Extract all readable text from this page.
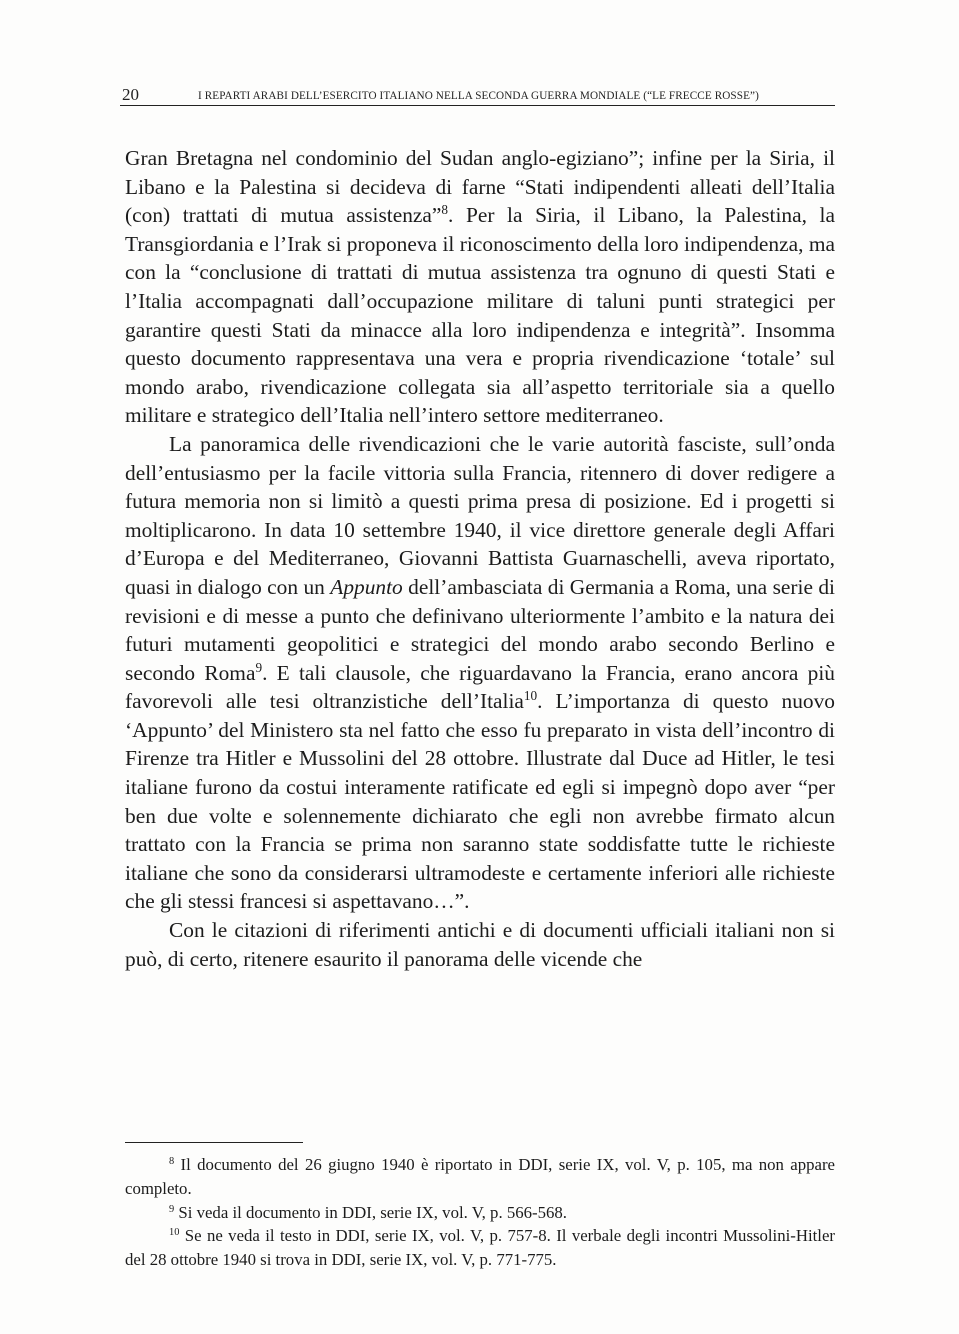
20	I REPARTI ARABI DELL’ESERCITO ITALIANO NELLA SECONDA GUERRA MONDIALE (“LE FRECCE ROSSE”)

Gran Bretagna nel condominio del Sudan anglo-egiziano”; infine per la Siria, il Libano e la Palestina si decideva di farne “Stati indipendenti alleati dell’Italia (con) trattati di mutua assistenza”$^8$. Per la Siria, il Libano, la Palestina, la Transgiordania e l’Irak si proponeva il riconoscimento della loro indipendenza, ma con la “conclusione di trattati di mutua assistenza tra ognuno di questi Stati e l’Italia accompagnati dall’occupazione militare di taluni punti strategici per garantire questi Stati da minacce alla loro indipendenza e integrità”. Insomma questo documento rappresentava una vera e propria rivendicazione ‘totale’ sul mondo arabo, rivendicazione collegata sia all’aspetto territoriale sia a quello militare e strategico dell’Italia nell’intero settore mediterraneo.

La panoramica delle rivendicazioni che le varie autorità fasciste, sull’onda dell’entusiasmo per la facile vittoria sulla Francia, ritennero di dover redigere a futura memoria non si limitò a questi prima presa di posizione. Ed i progetti si moltiplicarono. In data 10 settembre 1940, il vice direttore generale degli Affari d’Europa e del Mediterraneo, Giovanni Battista Guarnaschelli, aveva riportato, quasi in dialogo con un Appunto dell’ambasciata di Germania a Roma, una serie di revisioni e di messe a punto che definivano ulteriormente l’ambito e la natura dei futuri mutamenti geopolitici e strategici del mondo arabo secondo Berlino e secondo Roma$^9$. E tali clausole, che riguardavano la Francia, erano ancora più favorevoli alle tesi oltranzistiche dell’Italia$^{10}$. L’importanza di questo nuovo ‘Appunto’ del Ministero sta nel fatto che esso fu preparato in vista dell’incontro di Firenze tra Hitler e Mussolini del 28 ottobre. Illustrate dal Duce ad Hitler, le tesi italiane furono da costui interamente ratificate ed egli si impegnò dopo aver “per ben due volte e solennemente dichiarato che egli non avrebbe firmato alcun trattato con la Francia se prima non saranno state soddisfatte tutte le richieste italiane che sono da considerarsi ultramodeste e certamente inferiori alle richieste che gli stessi francesi si aspettavano…”.

Con le citazioni di riferimenti antichi e di documenti ufficiali italiani non si può, di certo, ritenere esaurito il panorama delle vicende che

$^8$ Il documento del 26 giugno 1940 è riportato in DDI, serie IX, vol. V, p. 105, ma non appare completo.

$^9$ Si veda il documento in DDI, serie IX, vol. V, p. 566-568.

$^{10}$ Se ne veda il testo in DDI, serie IX, vol. V, p. 757-8. Il verbale degli incontri Mussolini-Hitler del 28 ottobre 1940 si trova in DDI, serie IX, vol. V, p. 771-775.
